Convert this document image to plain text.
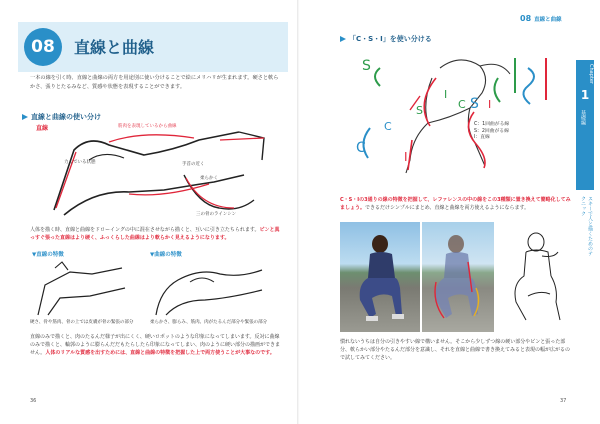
08	直線と曲線
一本の線を引く時、直線と曲線の両方を用途別に使い分けることで絵にメリハリが生まれます。硬さと軟らかさ、張りとたるみなど、質感や状態を表現することができます。
直線と曲線の使い分け
直線	筋肉を表現しているから曲線
力んでいる状態	手首の近く
柔らかく
三の骨のラインシン
人体を描く時、直線と曲線をドローイングの中に混在させながら描くと、互いに引き立たちられます。ピンと真っすぐ張った直線はより硬く、ふっくらした曲線はより軟らかく見えるようになります。
▼直線の特徴	▼曲線の特徴
硬さ、骨や筋肉、骨の上では皮膚が骨の緊張の部分	柔らかさ、膨らみ、筋肉、肉がたるんだ部分や緊張の部分
直線のみで描くと、肉のたるんだ様子が出にくく、硬いロボットのような印象になってしまいます。反対に曲線のみで描くと、輪郭のように膨らんだだもたらしたら印象になってしまい、肉のように硬い部分の描画ができません。人体のリアルな質感を出すためには、直線と曲線の特徴を把握した上で両方使うことが大事なのです。
36
08 直線と曲線
「C・S・I」を使い分ける
S
C
I
S I
C
I
C
S
C：1回曲がる線
S：2回曲がる線
I：直線
C・S・Iの3通りの線の特徴を把握して、レファレンスの中の線をこの3種類に置き換えて簡略化してみましょう。できるだけシンプルにまとめ、直線と曲線を両方使えるようにならます。
慣れないうちは自分の引きやすい線で構いません。そこから少しずつ線の硬い部分やピンと張った部分、軟らかい部分やたるんだ部分を意識し、それを直線と曲線で書き換えてみると表現の幅が広がるので試してみてください。
Chapter
1
基礎編
スキーで人と描くためのテクニック
37
